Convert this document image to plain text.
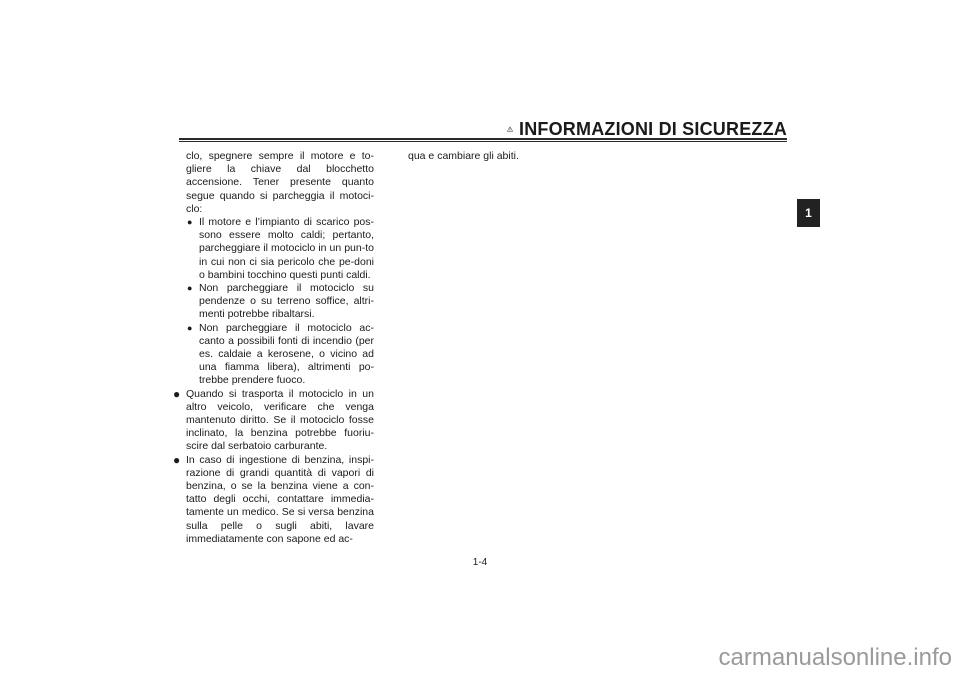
INFORMAZIONI DI SICUREZZA
1

clo, spegnere sempre il motore e to-gliere la chiave dal blocchetto accensione. Tener presente quanto segue quando si parcheggia il motoci-clo:

● Il motore e l’impianto di scarico pos-sono essere molto caldi; pertanto, parcheggiare il motociclo in un pun-to in cui non ci sia pericolo che pe-doni o bambini tocchino questi punti caldi.
● Non parcheggiare il motociclo su pendenze o su terreno soffice, altri-menti potrebbe ribaltarsi.
● Non parcheggiare il motociclo ac-canto a possibili fonti di incendio (per es. caldaie a kerosene, o vicino ad una fiamma libera), altrimenti po-trebbe prendere fuoco.
● Quando si trasporta il motociclo in un altro veicolo, verificare che venga mantenuto diritto. Se il motociclo fosse inclinato, la benzina potrebbe fuoriu-scire dal serbatoio carburante.
● In caso di ingestione di benzina, inspi-razione di grandi quantità di vapori di benzina, o se la benzina viene a con-tatto degli occhi, contattare immedia-tamente un medico. Se si versa benzina sulla pelle o sugli abiti, lavare immediatamente con sapone ed ac-

qua e cambiare gli abiti.

1-4
carmanualsonline.info
